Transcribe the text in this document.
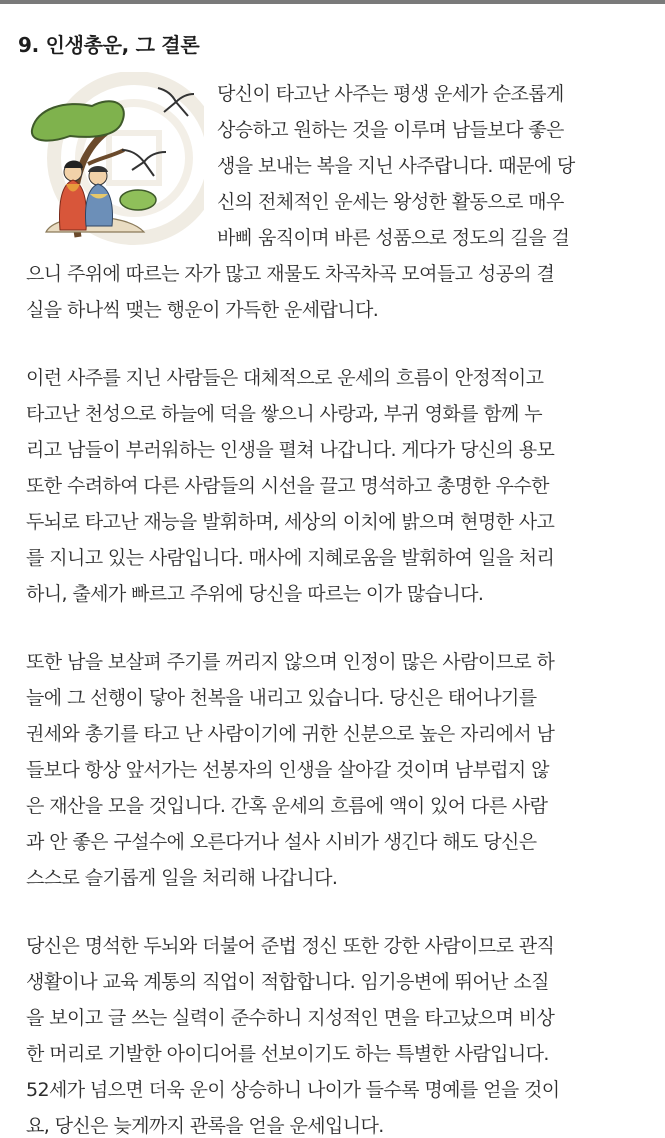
9. 인생총운, 그 결론
당신이 타고난 사주는 평생 운세가 순조롭게
상승하고 원하는 것을 이루며 남들보다 좋은
생을 보내는 복을 지닌 사주랍니다. 때문에 당
신의 전체적인 운세는 왕성한 활동으로 매우
바삐 움직이며 바른 성품으로 정도의 길을 걸
으니 주위에 따르는 자가 많고 재물도 차곡차곡 모여들고 성공의 결
실을 하나씩 맺는 행운이 가득한 운세랍니다.
이런 사주를 지닌 사람들은 대체적으로 운세의 흐름이 안정적이고
타고난 천성으로 하늘에 덕을 쌓으니 사랑과, 부귀 영화를 함께 누
리고 남들이 부러워하는 인생을 펼쳐 나갑니다. 게다가 당신의 용모
또한 수려하여 다른 사람들의 시선을 끌고 명석하고 총명한 우수한
두뇌로 타고난 재능을 발휘하며, 세상의 이치에 밝으며 현명한 사고
를 지니고 있는 사람입니다. 매사에 지혜로움을 발휘하여 일을 처리
하니, 출세가 빠르고 주위에 당신을 따르는 이가 많습니다.
또한 남을 보살펴 주기를 꺼리지 않으며 인정이 많은 사람이므로 하
늘에 그 선행이 닿아 천복을 내리고 있습니다. 당신은 태어나기를
권세와 총기를 타고 난 사람이기에 귀한 신분으로 높은 자리에서 남
들보다 항상 앞서가는 선봉자의 인생을 살아갈 것이며 남부럽지 않
은 재산을 모을 것입니다. 간혹 운세의 흐름에 액이 있어 다른 사람
과 안 좋은 구설수에 오른다거나 설사 시비가 생긴다 해도 당신은
스스로 슬기롭게 일을 처리해 나갑니다.
당신은 명석한 두뇌와 더불어 준법 정신 또한 강한 사람이므로 관직
생활이나 교육 계통의 직업이 적합합니다. 임기응변에 뛰어난 소질
을 보이고 글 쓰는 실력이 준수하니 지성적인 면을 타고났으며 비상
한 머리로 기발한 아이디어를 선보이기도 하는 특별한 사람입니다.
52세가 넘으면 더욱 운이 상승하니 나이가 들수록 명예를 얻을 것이
요, 당신은 늦게까지 관록을 얻을 운세입니다.
